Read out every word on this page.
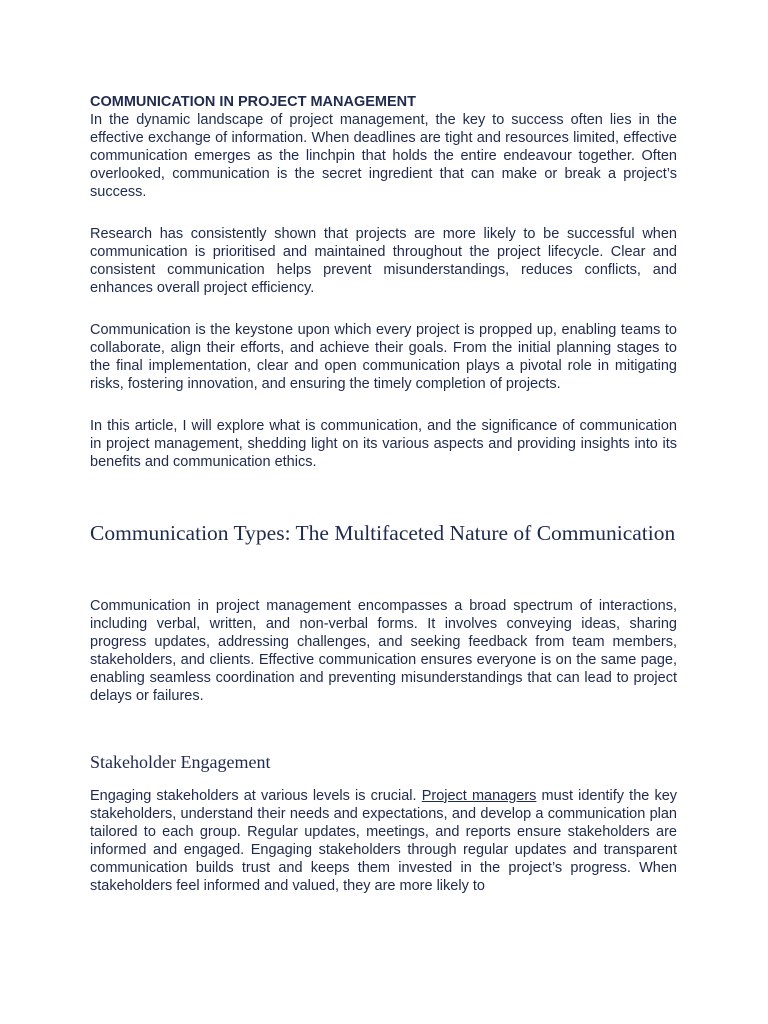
COMMUNICATION IN PROJECT MANAGEMENT

In the dynamic landscape of project management, the key to success often lies in the effective exchange of information. When deadlines are tight and resources limited, effective communication emerges as the linchpin that holds the entire endeavour together. Often overlooked, communication is the secret ingredient that can make or break a project’s success.

Research has consistently shown that projects are more likely to be successful when communication is prioritised and maintained throughout the project lifecycle. Clear and consistent communication helps prevent misunderstandings, reduces conflicts, and enhances overall project efficiency.

Communication is the keystone upon which every project is propped up, enabling teams to collaborate, align their efforts, and achieve their goals. From the initial planning stages to the final implementation, clear and open communication plays a pivotal role in mitigating risks, fostering innovation, and ensuring the timely completion of projects.

In this article, I will explore what is communication, and the significance of communication in project management, shedding light on its various aspects and providing insights into its benefits and communication ethics.

Communication Types: The Multifaceted Nature of Communication

Communication in project management encompasses a broad spectrum of interactions, including verbal, written, and non-verbal forms. It involves conveying ideas, sharing progress updates, addressing challenges, and seeking feedback from team members, stakeholders, and clients. Effective communication ensures everyone is on the same page, enabling seamless coordination and preventing misunderstandings that can lead to project delays or failures.

Stakeholder Engagement

Engaging stakeholders at various levels is crucial. Project managers must identify the key stakeholders, understand their needs and expectations, and develop a communication plan tailored to each group. Regular updates, meetings, and reports ensure stakeholders are informed and engaged. Engaging stakeholders through regular updates and transparent communication builds trust and keeps them invested in the project’s progress. When stakeholders feel informed and valued, they are more likely to
